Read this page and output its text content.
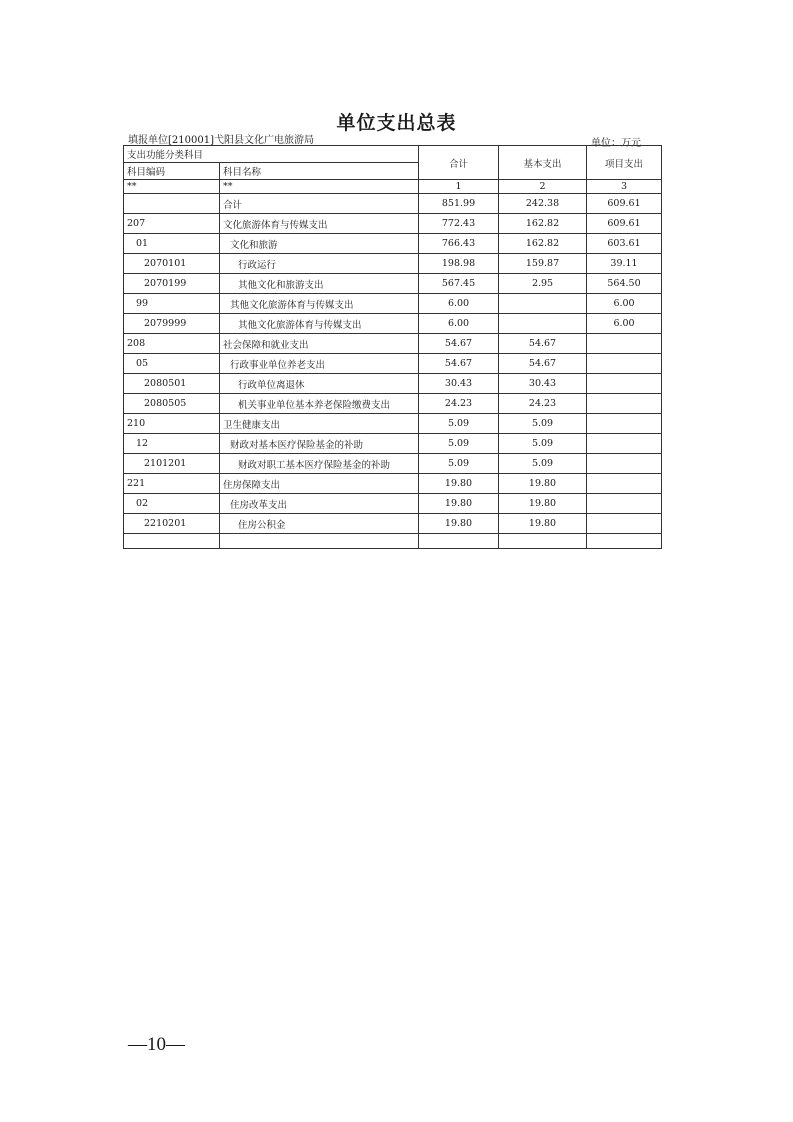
单位支出总表
填报单位[210001]弋阳县文化广电旅游局	单位：万元
支出功能分类科目		合计	基本支出	项目支出
科目编码	科目名称			
**	**	1	2	3
	合计	851.99	242.38	609.61
207	文化旅游体育与传媒支出	772.43	162.82	609.61
01	文化和旅游	766.43	162.82	603.61
2070101	行政运行	198.98	159.87	39.11
2070199	其他文化和旅游支出	567.45	2.95	564.50
99	其他文化旅游体育与传媒支出	6.00		6.00
2079999	其他文化旅游体育与传媒支出	6.00		6.00
208	社会保障和就业支出	54.67	54.67	
05	行政事业单位养老支出	54.67	54.67	
2080501	行政单位离退休	30.43	30.43	
2080505	机关事业单位基本养老保险缴费支出	24.23	24.23	
210	卫生健康支出	5.09	5.09	
12	财政对基本医疗保险基金的补助	5.09	5.09	
2101201	财政对职工基本医疗保险基金的补助	5.09	5.09	
221	住房保障支出	19.80	19.80	
02	住房改革支出	19.80	19.80	
2210201	住房公积金	19.80	19.80	

—10—
